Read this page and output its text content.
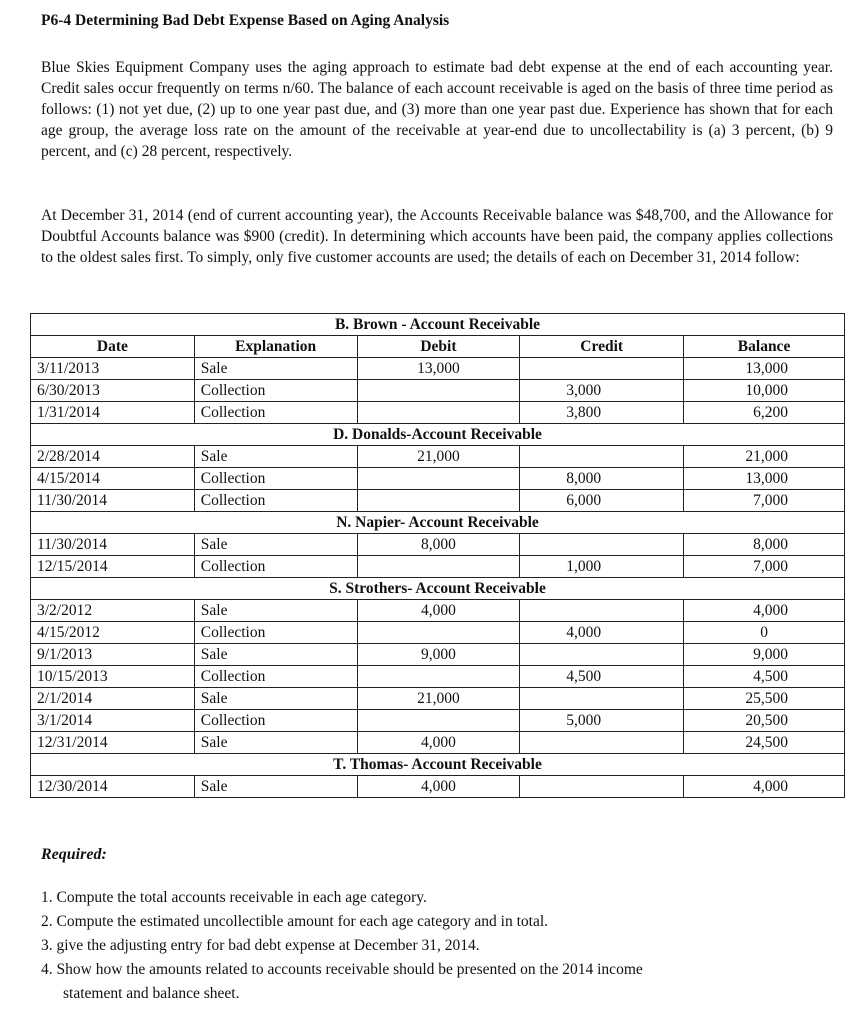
P6-4 Determining Bad Debt Expense Based on Aging Analysis

Blue Skies Equipment Company uses the aging approach to estimate bad debt expense at the end of each accounting year. Credit sales occur frequently on terms n/60. The balance of each account receivable is aged on the basis of three time period as follows: (1) not yet due, (2) up to one year past due, and (3) more than one year past due. Experience has shown that for each age group, the average loss rate on the amount of the receivable at year-end due to uncollectability is (a) 3 percent, (b) 9 percent, and (c) 28 percent, respectively.

At December 31, 2014 (end of current accounting year), the Accounts Receivable balance was $48,700, and the Allowance for Doubtful Accounts balance was $900 (credit). In determining which accounts have been paid, the company applies collections to the oldest sales first. To simply, only five customer accounts are used; the details of each on December 31, 2014 follow:

B. Brown - Account Receivable				
Date	Explanation	Debit	Credit	Balance
3/11/2013	Sale	13,000		13,000
6/30/2013	Collection		3,000	10,000
1/31/2014	Collection		3,800	6,200
D. Donalds-Account Receivable				
2/28/2014	Sale	21,000		21,000
4/15/2014	Collection		8,000	13,000
11/30/2014	Collection		6,000	7,000
N. Napier- Account Receivable				
11/30/2014	Sale	8,000		8,000
12/15/2014	Collection		1,000	7,000
S. Strothers- Account Receivable				
3/2/2012	Sale	4,000		4,000
4/15/2012	Collection		4,000	0
9/1/2013	Sale	9,000		9,000
10/15/2013	Collection		4,500	4,500
2/1/2014	Sale	21,000		25,500
3/1/2014	Collection		5,000	20,500
12/31/2014	Sale	4,000		24,500
T. Thomas- Account Receivable				
12/30/2014	Sale	4,000		4,000
Required:
1. Compute the total accounts receivable in each age category.
2. Compute the estimated uncollectible amount for each age category and in total.
3. give the adjusting entry for bad debt expense at December 31, 2014.
4. Show how the amounts related to accounts receivable should be presented on the 2014 income
statement and balance sheet.
